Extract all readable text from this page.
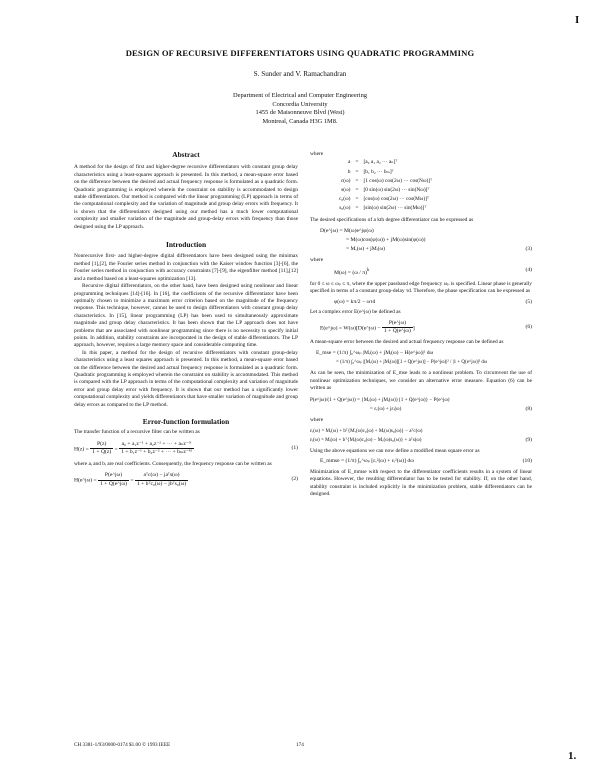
DESIGN OF RECURSIVE DIFFERENTIATORS USING QUADRATIC PROGRAMMING
S. Sunder and V. Ramachandran
Department of Electrical and Computer Engineering
Concordia University
1455 de Maisonneuve Blvd (West)
Montreal, Canada H3G 1M8.
I
Abstract

A method for the design of first and higher-degree recursive differentiators with constant group delay characteristics using a least-squares approach is presented. In this method, a mean-square error based on the difference between the desired and actual frequency response is formulated as a quadratic form. Quadratic programming is employed wherein the constraint on stability is accommodated to design stable differentiators. Our method is compared with the linear programming (LP) approach in terms of the computational complexity and the variation of magnitude and group delay errors with frequency. It is shown that the differentiators designed using our method has a much lower computational complexity and smaller variation of the magnitude and group-delay errors with frequency than those designed using the LP approach.

Introduction

Nonrecursive first- and higher-degree digital differentiators have been designed using the minimax method [1],[2], the Fourier series method in conjunction with the Kaiser window function [3]-[6], the Fourier series method in conjunction with accuracy constraints [7]-[9], the eigenfilter method [11],[12] and a method based on a least-squares optimization [13].

Recursive digital differentiators, on the other hand, have been designed using nonlinear and linear programming techniques [14]-[16]. In [16], the coefficients of the recursive differentiator have been optimally chosen to minimize a maximum error criterion based on the magnitude of the frequency response. This technique, however, cannot be used to design differentiators with constant group delay characteristics. In [15], linear programming (LP) has been used to simultaneously approximate magnitude and group delay characteristics. It has been shown that the LP approach does not have problems that are associated with nonlinear programming since there is no necessity to specify initial points. In addition, stability constraints are incorporated in the design of stable differentiators. The LP approach, however, requires a large memory space and considerable computing time.

In this paper, a method for the design of recursive differentiators with constant group-delay characteristics using a least squares approach is presented. In this method, a mean-square error based on the difference between the desired and actual frequency response is formulated as a quadratic form. Quadratic programming is employed wherein the constraint on stability is accommodated. This method is compared with the LP approach in terms of the computational complexity and variation of magnitude error and group delay error with frequency. It is shown that our method has a significantly lower computational complexity and yields differentiators that have smaller variation of magnitude and group delay errors as compared to the LP method.

Error-function formulation

The transfer function of a recursive filter can be written as

$H(z) = \frac{P(z)}{1 + Q(z)} = \frac{\text{a₀ + a₁z⁻¹ + a₂z⁻² + ··· + aₙz⁻ᴺ}}{\text{1 + b₁z⁻¹ + b₂z⁻² + ··· + bₘz⁻ᴹ}}$	(1)

where aᵢ and bᵢ are real coefficients. Consequently, the frequency response can be written as

H(e^jω) = $\frac{P(e\^{}j\omega)}{1 + Q(e\^{}j\omega)} = \frac{\text{aᵀc(ω) − jaᵀs(ω)}}{\text{1 + bᵀc₀(ω) − jbᵀs₀(ω)}}$	(2)

where

a	=	[a₀ a₁ a₂ ··· aₙ]ᵀ
b	=	[b₁ b₂ ··· bₘ]ᵀ
c(ω)	=	[1 cos(ω) cos(2ω) ··· cos(Nω)]ᵀ
s(ω)	=	[0 sin(ω) sin(2ω) ··· sin(Nω)]ᵀ
c₀(ω)	=	[cos(ω) cos(2ω) ··· cos(Mω)]ᵀ
s₀(ω)	=	[sin(ω) sin(2ω) ··· sin(Mω)]ᵀ

The desired specifications of a kth degree differentiator can be expressed as

D(e^jω) = M(ω)e^jφ(ω)
= M(ω)cos(φ(ω)) + jM(ω)sin(φ(ω))
= Mᵣ(ω) + jMᵢ(ω)	(3)

where

M(ω) = (ω / π)$^k$	(4)

for 0 ≤ ω ≤ ωₚ ≤ π, where the upper passband edge frequency ωₚ is specified. Linear phase is generally specified in terms of a constant group-delay τd. Therefore, the phase specification can be expressed as

φ(ω) = kπ/2 − ωτd	(5)

Let a complex error E(e^jω) be defined as

E(e^jω) = W(ω)[D(e^jω) − $\frac{P(e\^{}j\omega)}{1 + Q(e\^{}j\omega)}$ ]	(6)

A mean-square error between the desired and actual frequency response can be defined as

E_mse = (1/π) ∫₀^ωₚ |Mᵣ(ω) + jMᵢ(ω) − H(e^jω)|² dω
= (1/π) ∫₀^ωₚ |[Mᵣ(ω) + jMᵢ(ω)][1 + Q(e^jω)] − P(e^jω)|² / |1 + Q(e^jω)|² dω

As can be seen, the minimization of E_mse leads to a nonlinear problem. To circumvent the use of nonlinear optimization techniques, we consider an alternative error measure. Equation (6) can be written as

P(e^jω)/(1 + Q(e^jω)) = {Mᵣ(ω) + jMᵢ(ω)}{1 + Q(e^jω)} − P(e^jω)
= εᵣ(ω) + jεᵢ(ω)	(8)

where

εᵣ(ω) = Mᵣ(ω) + bᵀ{Mᵣ(ω)c₀(ω) + Mᵢ(ω)s₀(ω)} − aᵀc(ω)
εᵢ(ω) = Mᵢ(ω) + bᵀ{Mᵢ(ω)c₀(ω) − Mᵣ(ω)s₀(ω)} + aᵀs(ω)	(9)

Using the above equations we can now define a modified mean square error as

E_mmse = (1/π) ∫₀^ωₚ [εᵣ²(ω) + εᵢ²(ω)] dω	(10)

Minimization of E_mmse with respect to the differentiator coefficients results in a system of linear equations. However, the resulting differentiator has to be tested for stability. If, on the other hand, stability constraint is included explicitly in the minimization problem, stable differentiators can be designed.

CH 3381-1/93/0000-0174 $1.00 © 1993 IEEE	174
1.
